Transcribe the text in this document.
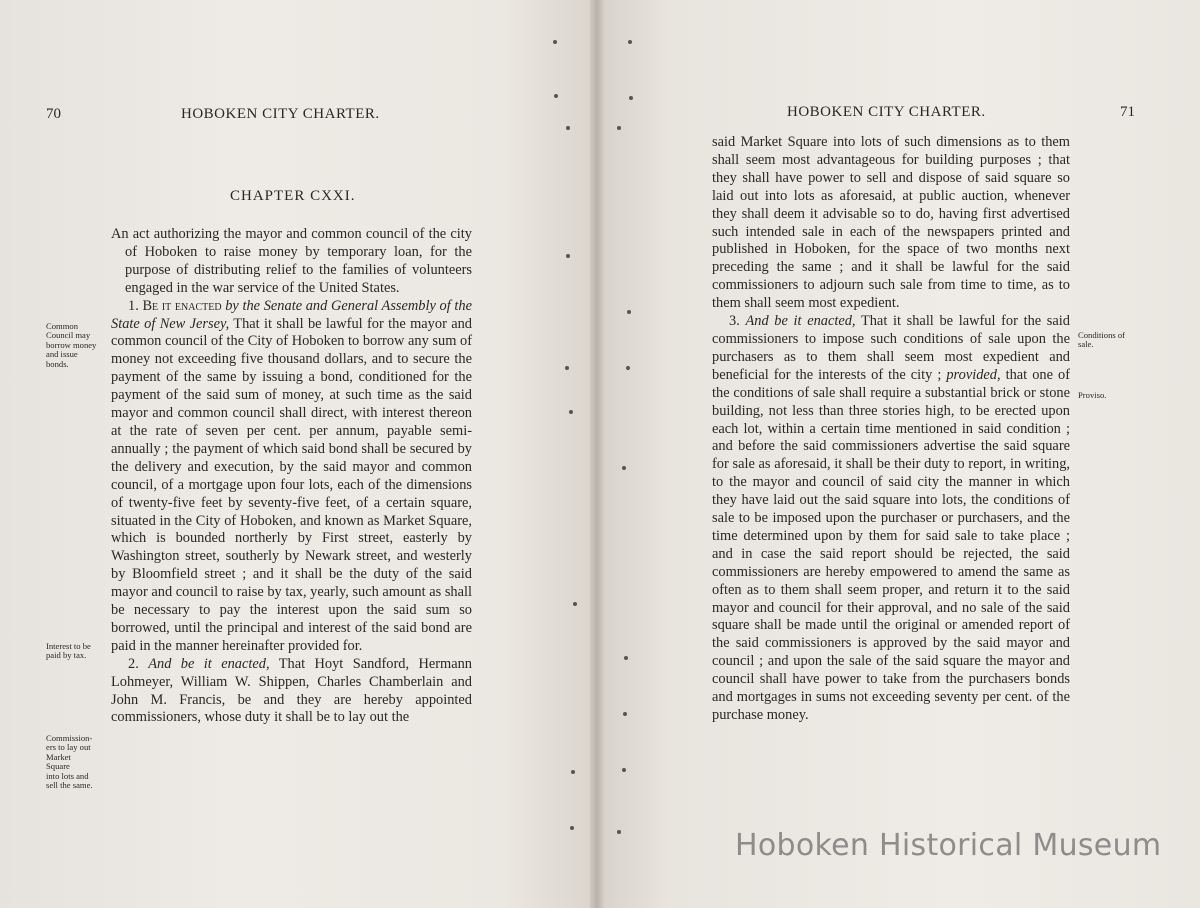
70	HOBOKEN CITY CHARTER.
CHAPTER CXXI.

An act authorizing the mayor and common council of the city of Hoboken to raise money by temporary loan, for the purpose of distributing relief to the families of volunteers engaged in the war service of the United States.

1. Be it enacted by the Senate and General Assembly of the State of New Jersey, That it shall be lawful for the mayor and common council of the City of Hoboken to borrow any sum of money not exceeding five thousand dollars, and to secure the payment of the same by issuing a bond, conditioned for the payment of the said sum of money, at such time as the said mayor and common council shall direct, with interest thereon at the rate of seven per cent. per annum, payable semi-annually ; the payment of which said bond shall be secured by the delivery and execution, by the said mayor and common council, of a mortgage upon four lots, each of the dimensions of twenty-five feet by seventy-five feet, of a certain square, situated in the City of Hoboken, and known as Market Square, which is bounded northerly by First street, easterly by Washington street, southerly by Newark street, and westerly by Bloomfield street ; and it shall be the duty of the said mayor and council to raise by tax, yearly, such amount as shall be necessary to pay the interest upon the said sum so borrowed, until the principal and interest of the said bond are paid in the manner hereinafter provided for.

2. And be it enacted, That Hoyt Sandford, Hermann Lohmeyer, William W. Shippen, Charles Chamberlain and John M. Francis, be and they are hereby appointed commissioners, whose duty it shall be to lay out the

Common
Council may
borrow money
and issue
bonds.
Interest to be
paid by tax.
Commission-
ers to lay out
Market
Square
into lots and
sell the same.
HOBOKEN CITY CHARTER.	71

said Market Square into lots of such dimensions as to them shall seem most advantageous for building purposes ; that they shall have power to sell and dispose of said square so laid out into lots as aforesaid, at public auction, whenever they shall deem it advisable so to do, having first advertised such intended sale in each of the newspapers printed and published in Hoboken, for the space of two months next preceding the same ; and it shall be lawful for the said commissioners to adjourn such sale from time to time, as to them shall seem most expedient.

3. And be it enacted, That it shall be lawful for the said commissioners to impose such conditions of sale upon the purchasers as to them shall seem most expedient and beneficial for the interests of the city ; provided, that one of the conditions of sale shall require a substantial brick or stone building, not less than three stories high, to be erected upon each lot, within a certain time mentioned in said condition ; and before the said commissioners advertise the said square for sale as aforesaid, it shall be their duty to report, in writing, to the mayor and council of said city the manner in which they have laid out the said square into lots, the conditions of sale to be imposed upon the purchaser or purchasers, and the time determined upon by them for said sale to take place ; and in case the said report should be rejected, the said commissioners are hereby empowered to amend the same as often as to them shall seem proper, and return it to the said mayor and council for their approval, and no sale of the said square shall be made until the original or amended report of the said commissioners is approved by the said mayor and council ; and upon the sale of the said square the mayor and council shall have power to take from the purchasers bonds and mortgages in sums not exceeding seventy per cent. of the purchase money.

Conditions of
sale.
Proviso.
Hoboken Historical Museum
